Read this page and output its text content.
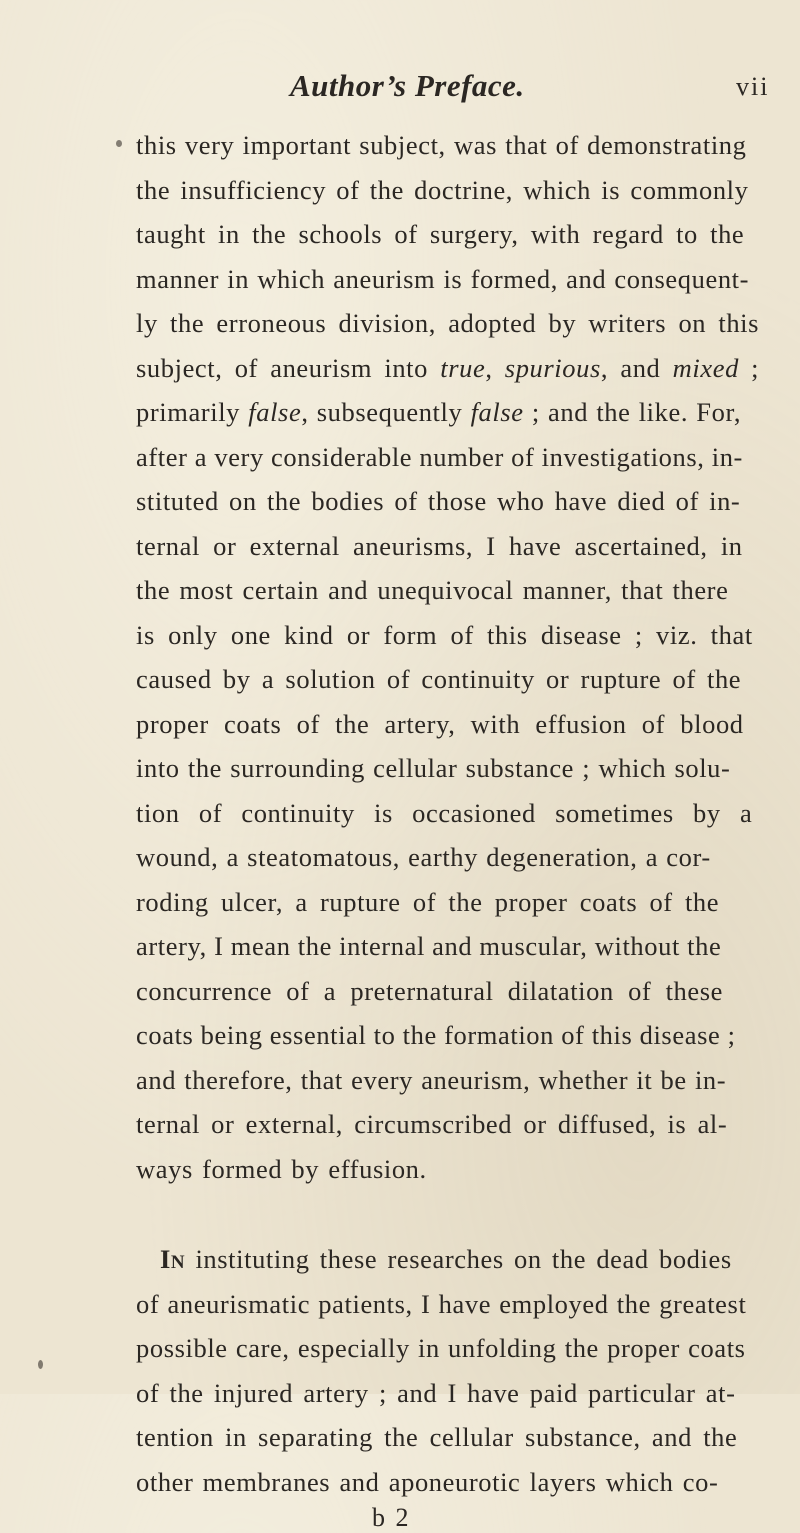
Author’s Preface.	vii
this very important subject, was that of demonstrating
the insufficiency of the doctrine, which is commonly
taught in the schools of surgery, with regard to the
manner in which aneurism is formed, and consequent-
ly the erroneous division, adopted by writers on this
subject, of aneurism into true, spurious, and mixed ;
primarily false, subsequently false ; and the like. For,
after a very considerable number of investigations, in-
stituted on the bodies of those who have died of in-
ternal or external aneurisms, I have ascertained, in
the most certain and unequivocal manner, that there
is only one kind or form of this disease ; viz. that
caused by a solution of continuity or rupture of the
proper coats of the artery, with effusion of blood
into the surrounding cellular substance ; which solu-
tion of continuity is occasioned sometimes by a
wound, a steatomatous, earthy degeneration, a cor-
roding ulcer, a rupture of the proper coats of the
artery, I mean the internal and muscular, without the
concurrence of a preternatural dilatation of these
coats being essential to the formation of this disease ;
and therefore, that every aneurism, whether it be in-
ternal or external, circumscribed or diffused, is al-
ways formed by effusion.
In instituting these researches on the dead bodies
of aneurismatic patients, I have employed the greatest
possible care, especially in unfolding the proper coats
of the injured artery ; and I have paid particular at-
tention in separating the cellular substance, and the
other membranes and aponeurotic layers which co-
b 2
